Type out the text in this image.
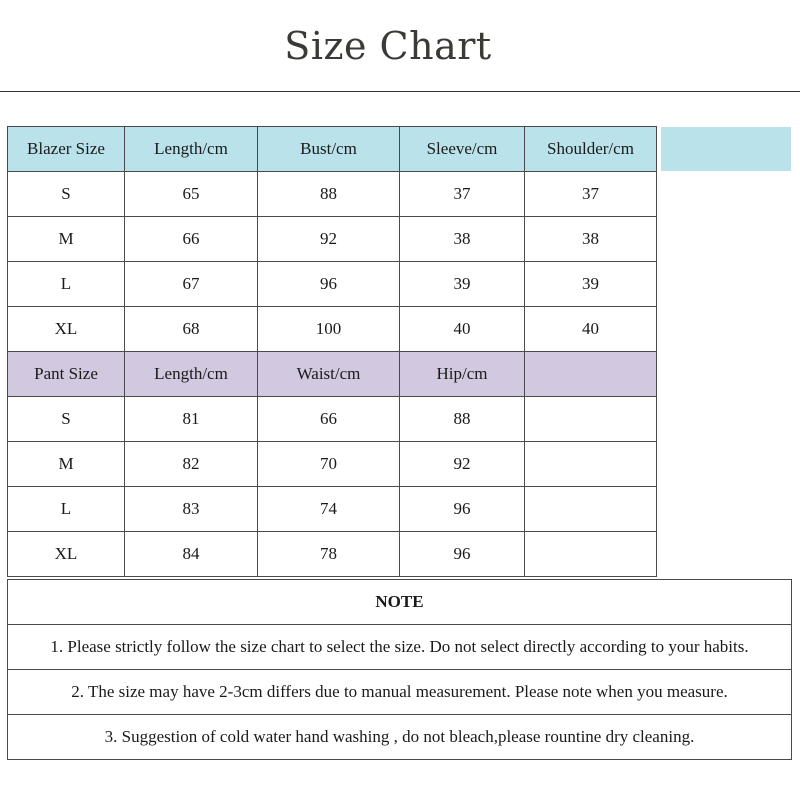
Size Chart
Blazer Size	Length/cm	Bust/cm	Sleeve/cm	Shoulder/cm
S	65	88	37	37
M	66	92	38	38
L	67	96	39	39
XL	68	100	40	40
Pant Size	Length/cm	Waist/cm	Hip/cm	
S	81	66	88	
M	82	70	92	
L	83	74	96	
XL	84	78	96	
NOTE
1. Please strictly follow the size chart to select the size. Do not select directly according to your habits.
2. The size may have 2-3cm differs due to manual measurement. Please note when you measure.
3. Suggestion of cold water hand washing , do not bleach,please rountine dry cleaning.
